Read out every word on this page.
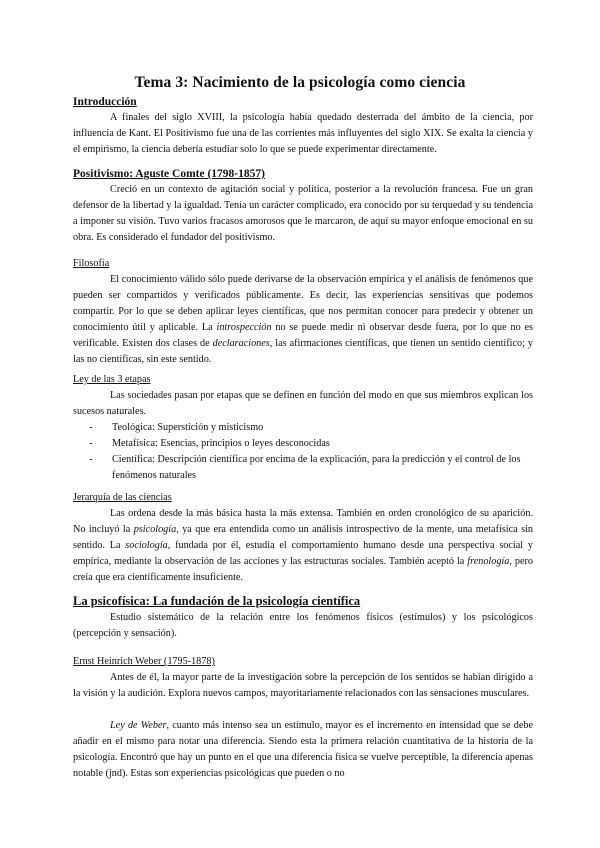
Tema 3: Nacimiento de la psicología como ciencia
Introducción
A finales del siglo XVIII, la psicología había quedado desterrada del ámbito de la ciencia, por influencia de Kant. El Positivismo fue una de las corrientes más influyentes del siglo XIX. Se exalta la ciencia y el empirismo, la ciencia debería estudiar solo lo que se puede experimentar directamente.
Positivismo: Aguste Comte (1798-1857)
Creció en un contexto de agitación social y política, posterior a la revolución francesa. Fue un gran defensor de la libertad y la igualdad. Tenía un carácter complicado, era conocido por su terquedad y su tendencia a imponer su visión. Tuvo varios fracasos amorosos que le marcaron, de aquí su mayor enfoque emocional en su obra. Es considerado el fundador del positivismo.
Filosofía
El conocimiento válido sólo puede derivarse de la observación empírica y el análisis de fenómenos que pueden ser compartidos y verificados públicamente. Es decir, las experiencias sensitivas que podemos compartir. Por lo que se deben aplicar leyes científicas, que nos permitan conocer para predecir y obtener un conocimiento útil y aplicable. La introspección no se puede medir ni observar desde fuera, por lo que no es verificable. Existen dos clases de declaraciones, las afirmaciones científicas, que tienen un sentido científico; y las no científicas, sin este sentido.
Ley de las 3 etapas
Las sociedades pasan por etapas que se definen en función del modo en que sus miembros explican los sucesos naturales.
- Teológica: Superstición y misticismo
- Metafísica: Esencias, principios o leyes desconocidas
- Científica: Descripción científica por encima de la explicación, para la predicción y el control de los fenómenos naturales
Jerarquía de las ciencias
Las ordena desde la más básica hasta la más extensa. También en orden cronológico de su aparición. No incluyó la psicología, ya que era entendida como un análisis introspectivo de la mente, una metafísica sin sentido. La sociología, fundada por él, estudia el comportamiento humano desde una perspectiva social y empírica, mediante la observación de las acciones y las estructuras sociales. También aceptó la frenología, pero creía que era científicamente insuficiente.
La psicofísica: La fundación de la psicología científica
Estudio sistemático de la relación entre los fenómenos físicos (estímulos) y los psicológicos (percepción y sensación).
Ernst Heinrich Weber (1795-1878)
Antes de él, la mayor parte de la investigación sobre la percepción de los sentidos se habían dirigido a la visión y la audición. Explora nuevos campos, mayoritariamente relacionados con las sensaciones musculares.
Ley de Weber, cuanto más intenso sea un estímulo, mayor es el incremento en intensidad que se debe añadir en el mismo para notar una diferencia. Siendo esta la primera relación cuantitativa de la historia de la psicología. Encontró que hay un punto en el que una diferencia física se vuelve perceptible, la diferencia apenas notable (jnd). Estas son experiencias psicológicas que pueden o no
